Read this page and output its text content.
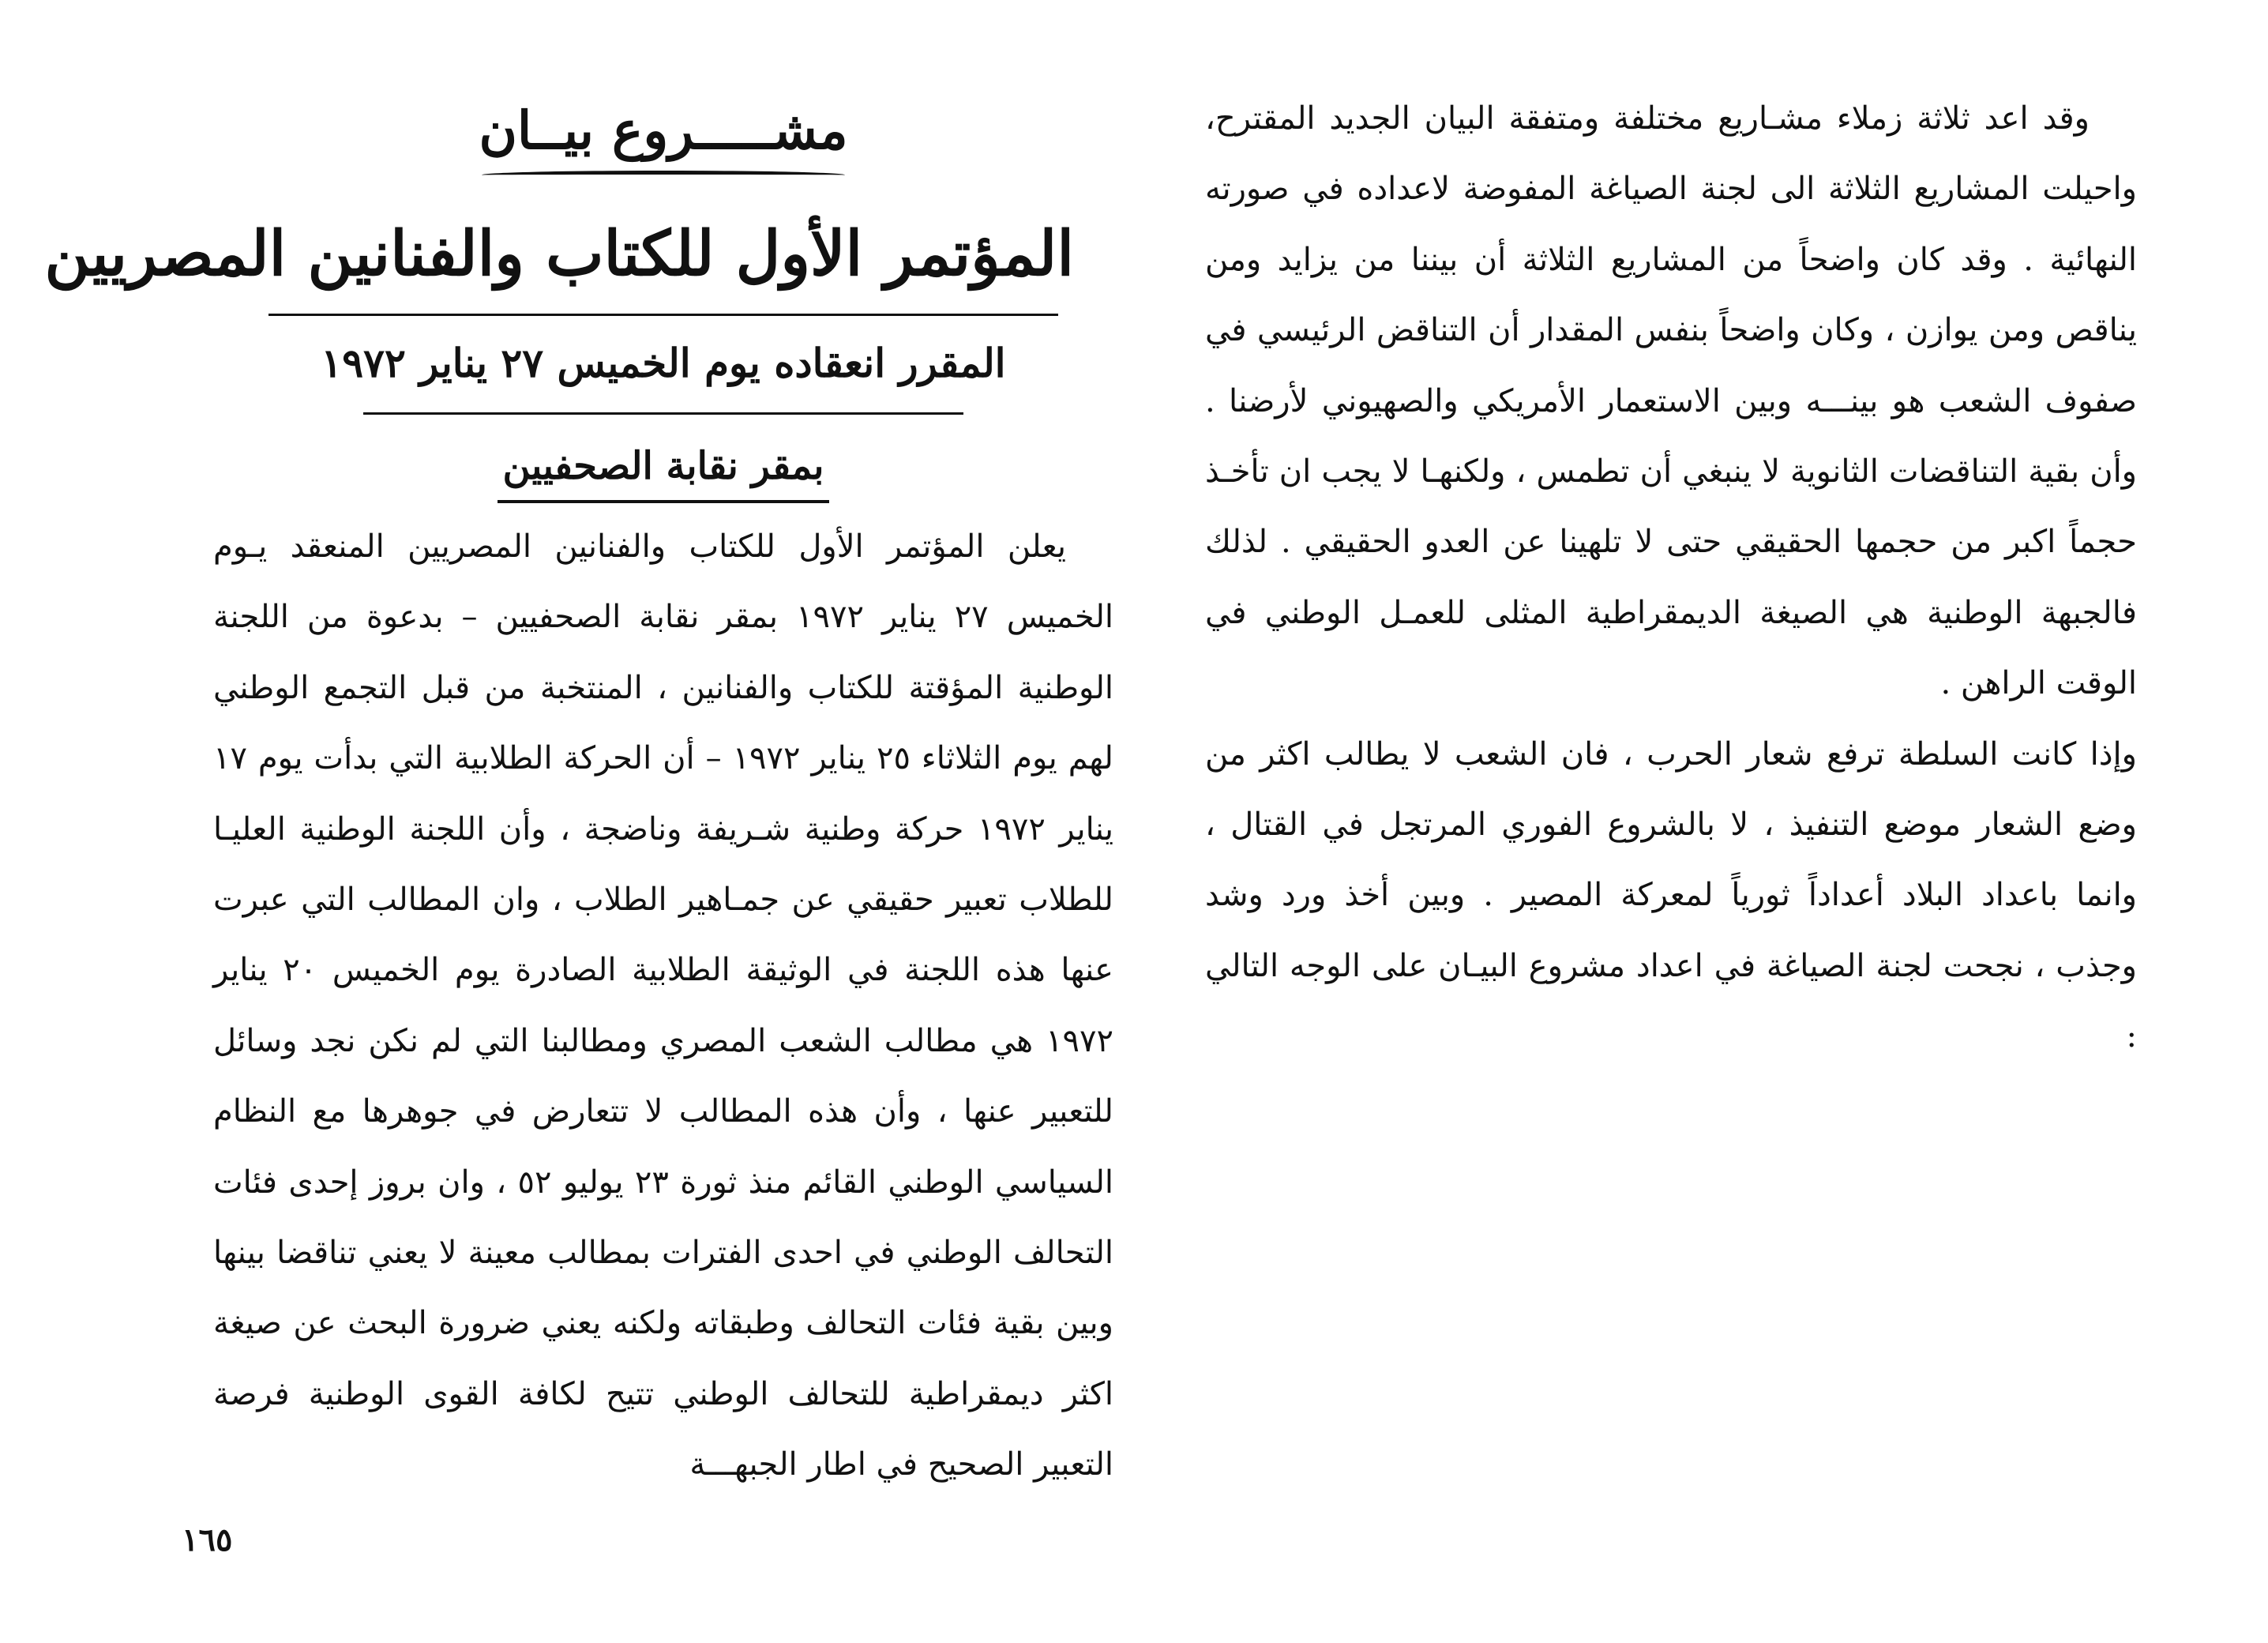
مشـــــروع بيــان
المؤتمر الأول للكتاب والفنانين المصريين
المقرر انعقاده يوم الخميس ٢٧ يناير ١٩٧٢
بمقر نقابة الصحفيين

يعلن المؤتمر الأول للكتاب والفنانين المصريين المنعقد يـوم الخميس ٢٧ يناير ١٩٧٢ بمقر نقابة الصحفيين – بدعوة من اللجنة الوطنية المؤقتة للكتاب والفنانين ، المنتخبة من قبل التجمع الوطني لهم يوم الثلاثاء ٢٥ يناير ١٩٧٢ – أن الحركة الطلابية التي بدأت يوم ١٧ يناير ١٩٧٢ حركة وطنية شـريفة وناضجة ، وأن اللجنة الوطنية العليـا للطلاب تعبير حقيقي عن جمـاهير الطلاب ، وان المطالب التي عبرت عنها هذه اللجنة في الوثيقة الطلابية الصادرة يوم الخميس ٢٠ يناير ١٩٧٢ هي مطالب الشعب المصري ومطالبنا التي لم نكن نجد وسائل للتعبير عنها ، وأن هذه المطالب لا تتعارض في جوهرها مع النظام السياسي الوطني القائم منذ ثورة ٢٣ يوليو ٥٢ ، وان بروز إحدى فئات التحالف الوطني في احدى الفترات بمطالب معينة لا يعني تناقضا بينها وبين بقية فئات التحالف وطبقاته ولكنه يعني ضرورة البحث عن صيغة اكثر ديمقراطية للتحالف الوطني تتيح لكافة القوى الوطنية فرصة التعبير الصحيح في اطار الجبهـــة

١٦٥

وقد اعد ثلاثة زملاء مشـاريع مختلفة ومتفقة البيان الجديد المقترح، واحيلت المشاريع الثلاثة الى لجنة الصياغة المفوضة لاعداده في صورته النهائية . وقد كان واضحاً من المشاريع الثلاثة أن بيننا من يزايد ومن يناقص ومن يوازن ، وكان واضحاً بنفس المقدار أن التناقض الرئيسي في صفوف الشعب هو بينـــه وبين الاستعمار الأمريكي والصهيوني لأرضنا . وأن بقية التناقضات الثانوية لا ينبغي أن تطمس ، ولكنهـا لا يجب ان تأخـذ حجماً اكبر من حجمها الحقيقي حتى لا تلهينا عن العدو الحقيقي . لذلك فالجبهة الوطنية هي الصيغة الديمقراطية المثلى للعمـل الوطني في الوقت الراهن .

وإذا كانت السلطة ترفع شعار الحرب ، فان الشعب لا يطالب اكثر من وضع الشعار موضع التنفيذ ، لا بالشروع الفوري المرتجل في القتال ، وانما باعداد البلاد أعداداً ثورياً لمعركة المصير . وبين أخذ ورد وشد وجذب ، نجحت لجنة الصياغة في اعداد مشروع البيـان على الوجه التالي :
